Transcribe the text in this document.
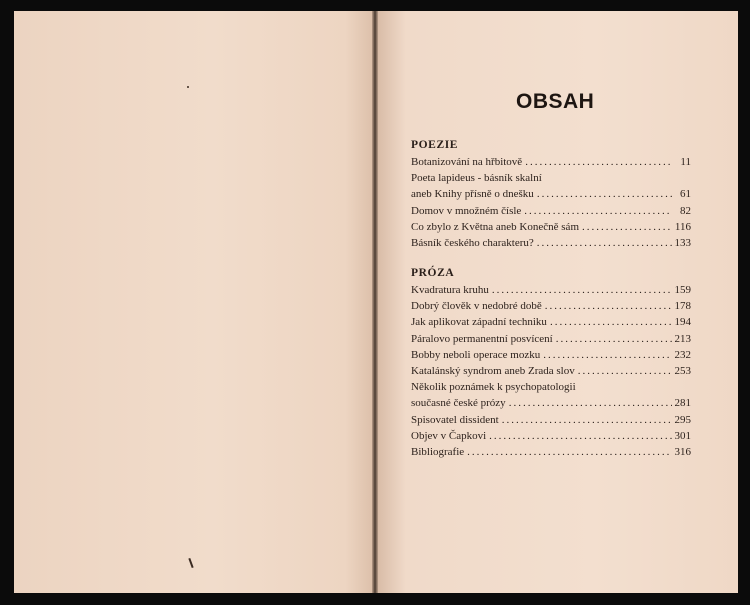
OBSAH
POEZIE
Botanizování na hřbitově .....	11
Poeta lapideus - básník skalní
aneb Knihy přísně o dnešku .....	61
Domov v množném čísle .....	82
Co zbylo z Květnа aneb Konečně sám .....	116
Básník českého charakteru? .....	133
PRÓZA
Kvadratura kruhu .....	159
Dobrý člověk v nedobré době .....	178
Jak aplikovat západní techniku .....	194
Páralovo permanentní posvícení .....	213
Bobby neboli operace mozku .....	232
Katalánský syndrom aneb Zrada slov .....	253
Několik poznámek k psychopatologii
současné české prózy .....	281
Spisovatel dissident .....	295
Objev v Čapkovi .....	301
Bibliografie .....	316
